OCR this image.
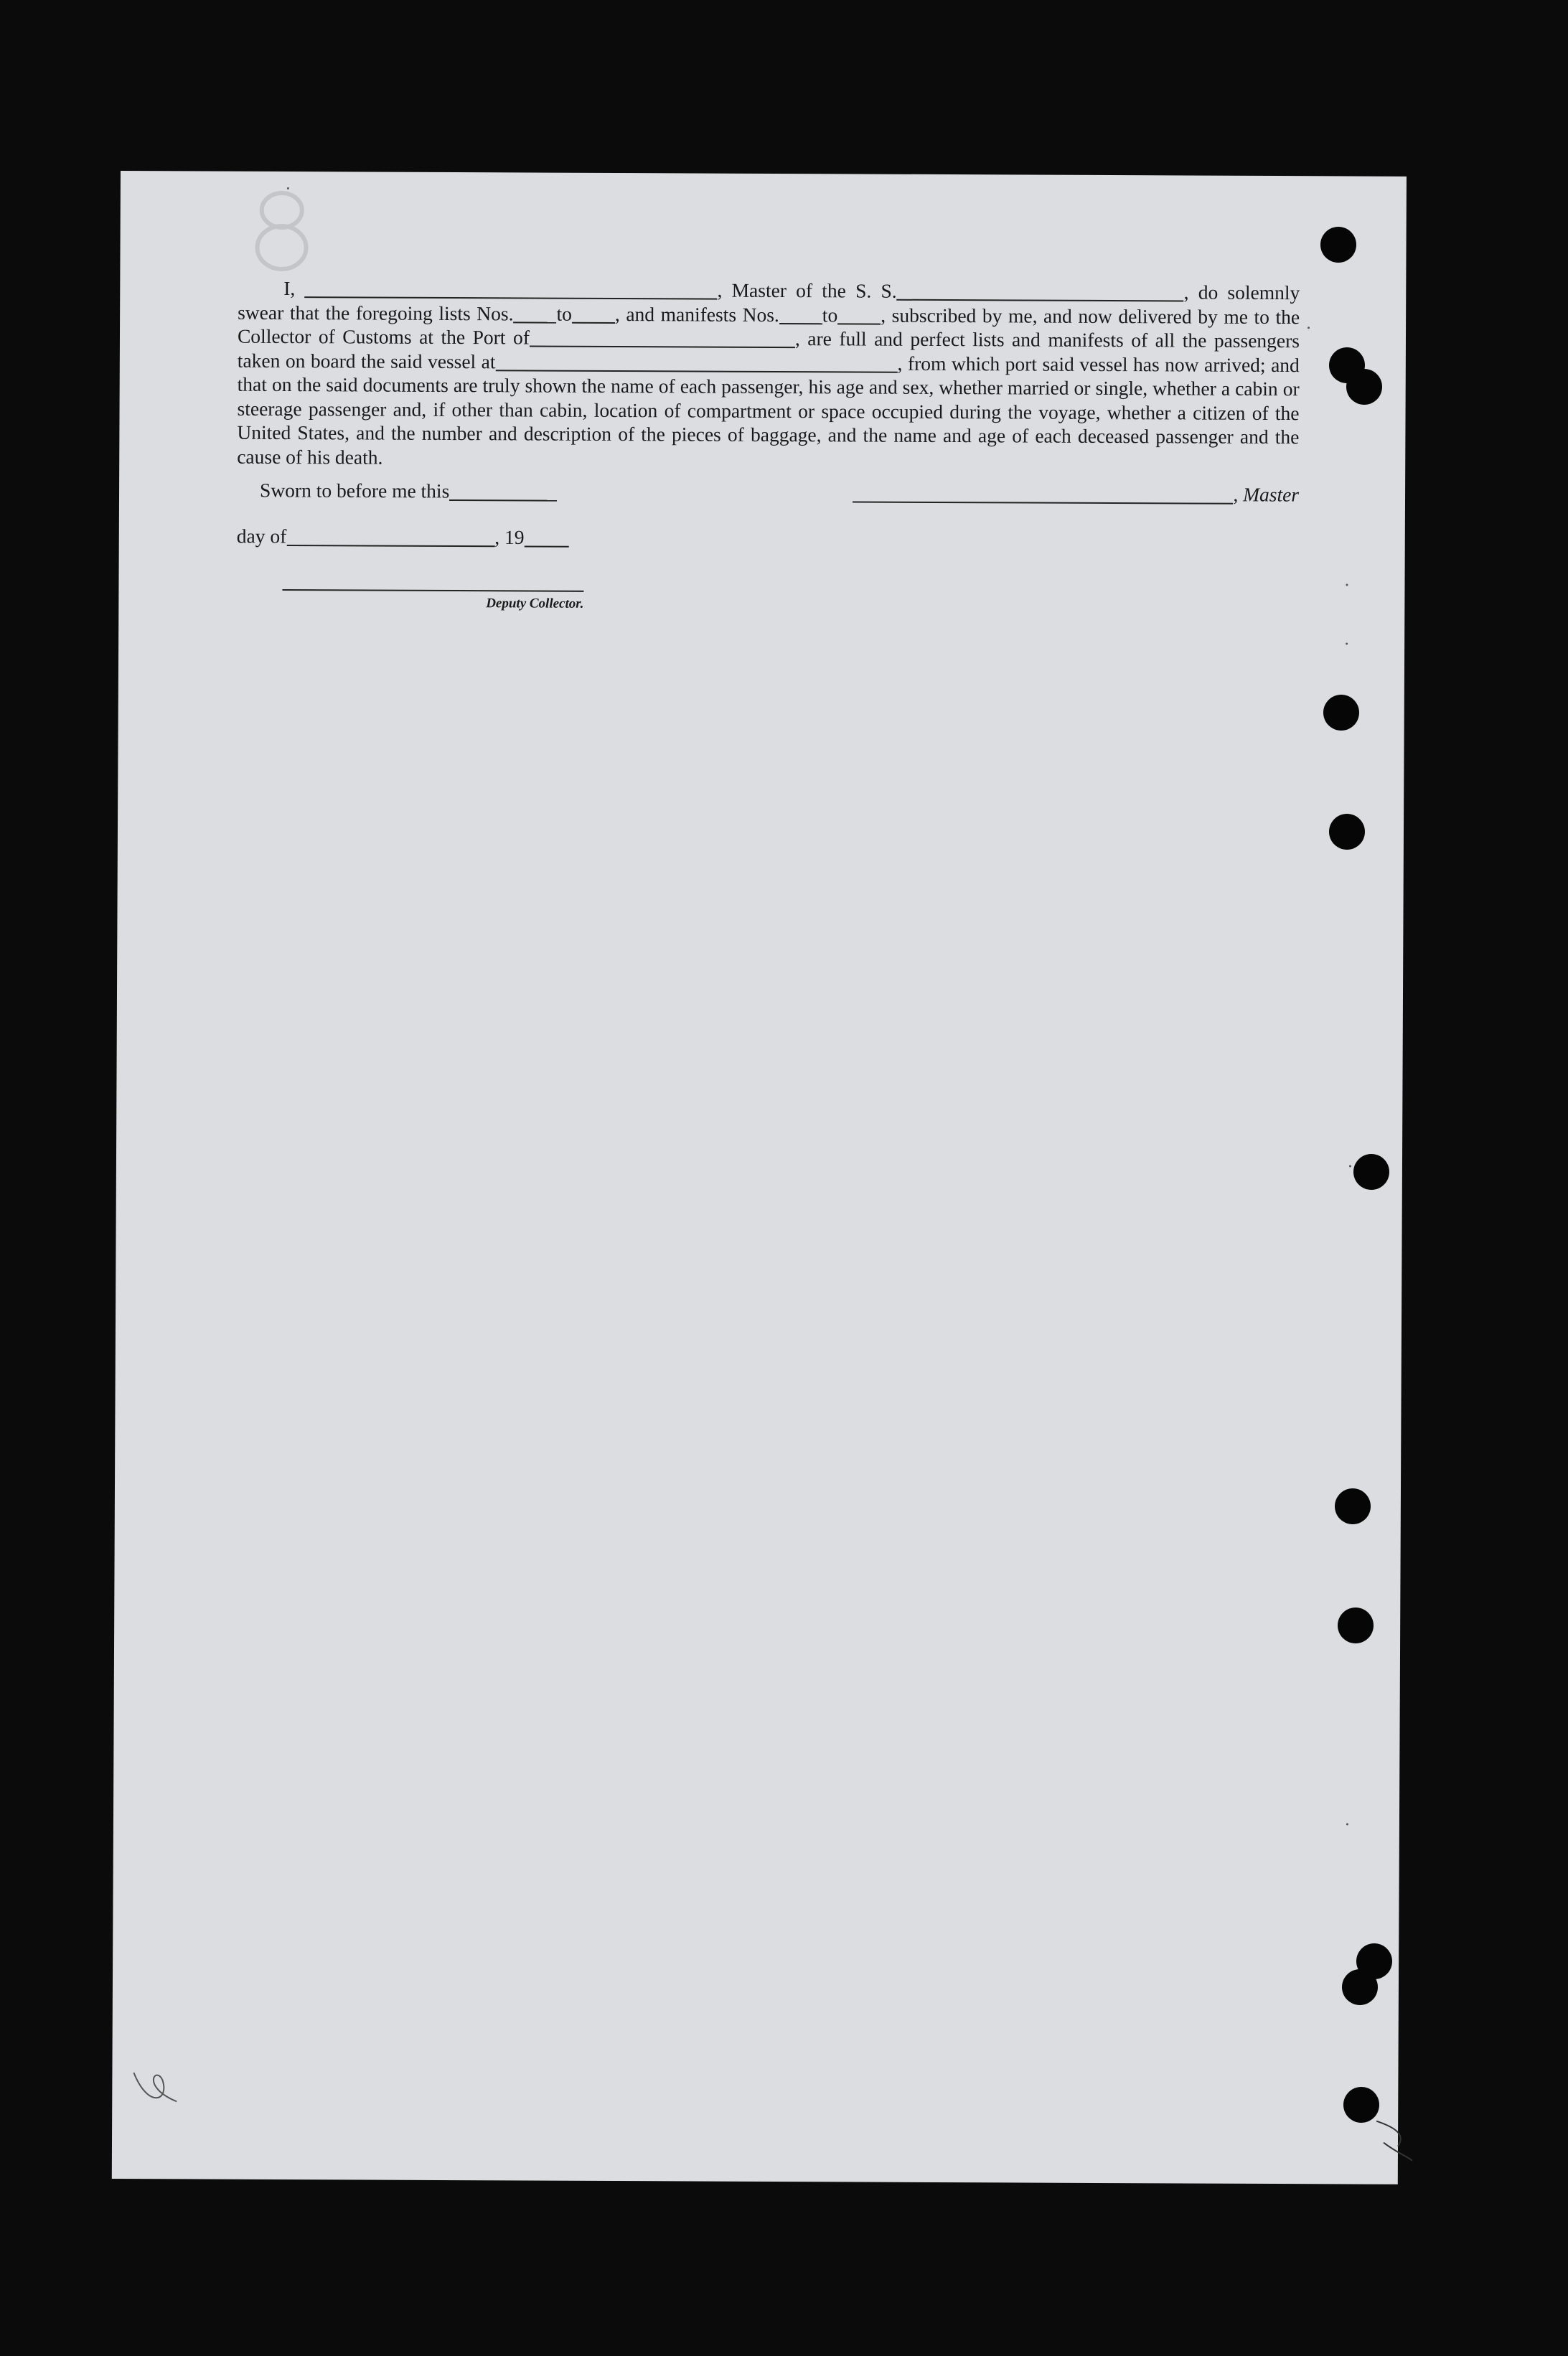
I,	, Master of the S. S.	, do solemnly swear that the foregoing lists Nos. to , and manifests Nos. to , subscribed by me, and now delivered by me to the Collector of Customs at the Port of	, are full and perfect lists and manifests of all the passengers taken on board the said vessel at	, from which port said vessel has now arrived; and that on the said documents are truly shown the name of each passenger, his age and sex, whether married or single, whether a cabin or steerage passenger and, if other than cabin, location of compartment or space occupied during the voyage, whether a citizen of the United States, and the number and description of the pieces of baggage, and the name and age of each deceased passenger and the cause of his death.

Sworn to before me this	, Master
day of	, 19
Deputy Collector.
